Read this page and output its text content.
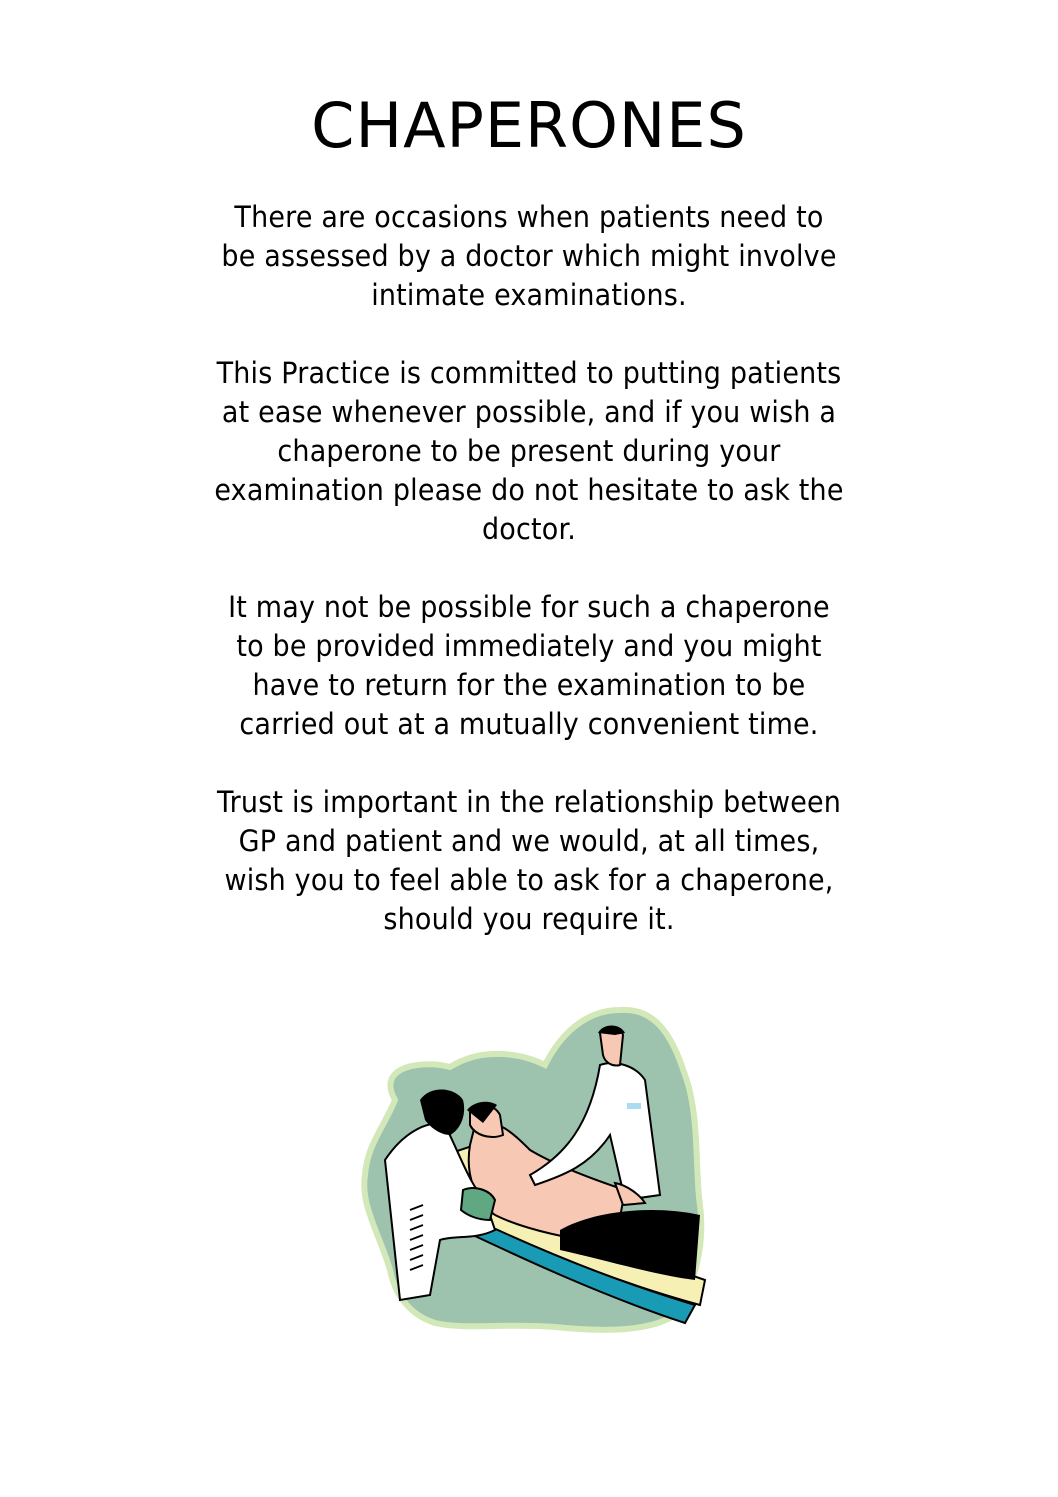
CHAPERONES

There are occasions when patients need to
be assessed by a doctor which might involve
intimate examinations.

This Practice is committed to putting patients
at ease whenever possible, and if you wish a
chaperone to be present during your
examination please do not hesitate to ask the
doctor.

It may not be possible for such a chaperone
to be provided immediately and you might
have to return for the examination to be
carried out at a mutually convenient time.

Trust is important in the relationship between
GP and patient and we would, at all times,
wish you to feel able to ask for a chaperone,
should you require it.
